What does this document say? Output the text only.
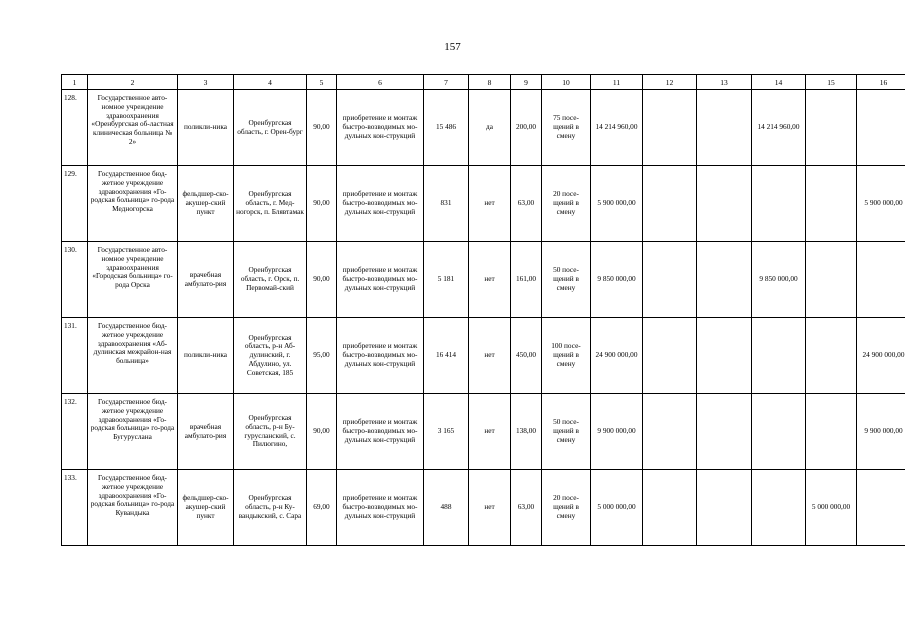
157
1	2	3	4	5	6	7	8	9	10	11	12	13	14	15	16
128.	Государственное авто-номное учреждение здравоохранения «Оренбургская об-ластная клиническая больница № 2»	поликли-ника	Оренбургская область, г. Орен-бург	90,00	приобретение и монтаж быстро-возводимых мо-дульных кон-струкций	15 486	да	200,00	75 посе-щений в смену	14 214 960,00			14 214 960,00		
129.	Государственное бюд-жетное учреждение здравоохранения «Го-родская больница» го-рода Медногорска	фельдшер-ско-акушер-ский пункт	Оренбургская область, г. Мед-ногорск, п. Блявтамак	90,00	приобретение и монтаж быстро-возводимых мо-дульных кон-струкций	831	нет	63,00	20 посе-щений в смену	5 900 000,00					5 900 000,00
130.	Государственное авто-номное учреждение здравоохранения «Городская больница» го-рода Орска	врачебная амбулато-рия	Оренбургская область, г. Орск, п. Первомай-ский	90,00	приобретение и монтаж быстро-возводимых мо-дульных кон-струкций	5 181	нет	161,00	50 посе-щений в смену	9 850 000,00			9 850 000,00		
131.	Государственное бюд-жетное учреждение здравоохранения «Аб-дулинская межрайон-ная больница»	поликли-ника	Оренбургская область, р-н Аб-дулинский, г. Абдулино, ул. Советская, 185	95,00	приобретение и монтаж быстро-возводимых мо-дульных кон-струкций	16 414	нет	450,00	100 посе-щений в смену	24 900 000,00					24 900 000,00
132.	Государственное бюд-жетное учреждение здравоохранения «Го-родская больница» го-рода Бугуруслана	врачебная амбулато-рия	Оренбургская область, р-н Бу-гурусланский, с. Пилюгино,	90,00	приобретение и монтаж быстро-возводимых мо-дульных кон-струкций	3 165	нет	138,00	50 посе-щений в смену	9 900 000,00					9 900 000,00
133.	Государственное бюд-жетное учреждение здравоохранения «Го-родская больница» го-рода Кувандыка	фельдшер-ско-акушер-ский пункт	Оренбургская область, р-н Ку-вандыкский, с. Сара	69,00	приобретение и монтаж быстро-возводимых мо-дульных кон-струкций	488	нет	63,00	20 посе-щений в смену	5 000 000,00				5 000 000,00	
